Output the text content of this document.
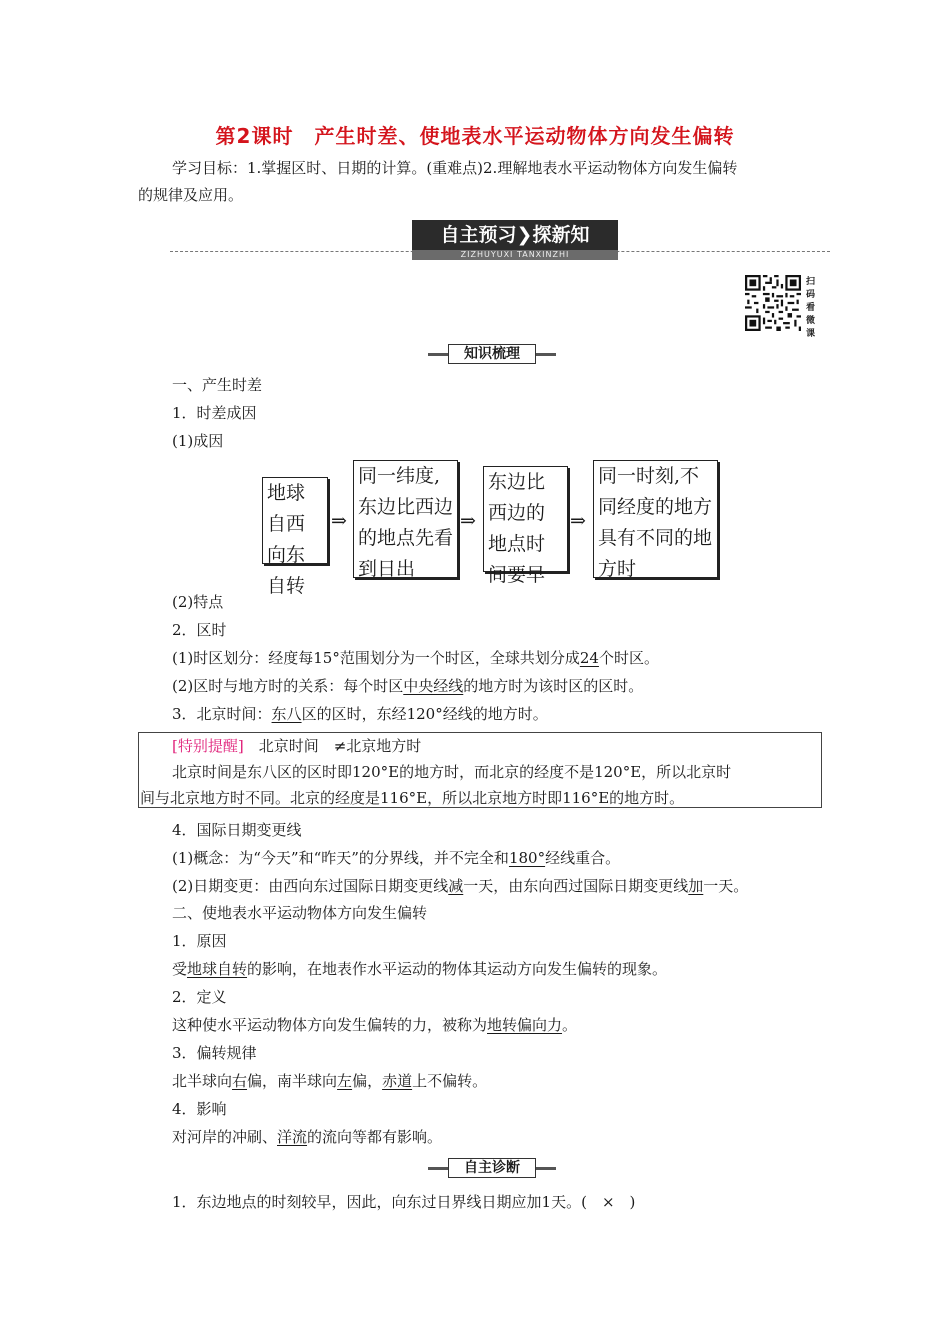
第2课时　产生时差、使地表水平运动物体方向发生偏转
学习目标：1.掌握区时、日期的计算。(重难点)2.理解地表水平运动物体方向发生偏转
的规律及应用。
自主预习❯探新知
ZIZHUYUXI TANXINZHI
扫码看微课
知识梳理
一、产生时差
1．时差成因
(1)成因
地球自西向东自转
⇒
同一纬度,东边比西边的地点先看到日出
⇒
东边比西边的地点时间要早
⇒
同一时刻,不同经度的地方具有不同的地方时
(2)特点
2．区时
(1)时区划分：经度每15°范围划分为一个时区，全球共划分成24个时区。
(2)区时与地方时的关系：每个时区中央经线的地方时为该时区的区时。
3．北京时间：东八区的区时，东经120°经线的地方时。
[特别提醒]　 北京时间　≠北京地方时
北京时间是东八区的区时即120°E的地方时，而北京的经度不是120°E，所以北京时
间与北京地方时不同。北京的经度是116°E，所以北京地方时即116°E的地方时。
4．国际日期变更线
(1)概念：为“今天”和“昨天”的分界线，并不完全和180°经线重合。
(2)日期变更：由西向东过国际日期变更线减一天，由东向西过国际日期变更线加一天。
二、使地表水平运动物体方向发生偏转
1．原因
受地球自转的影响，在地表作水平运动的物体其运动方向发生偏转的现象。
2．定义
这种使水平运动物体方向发生偏转的力，被称为地转偏向力。
3．偏转规律
北半球向右偏，南半球向左偏，赤道上不偏转。
4．影响
对河岸的冲刷、洋流的流向等都有影响。
自主诊断
1．东边地点的时刻较早，因此，向东过日界线日期应加1天。(　×　)
